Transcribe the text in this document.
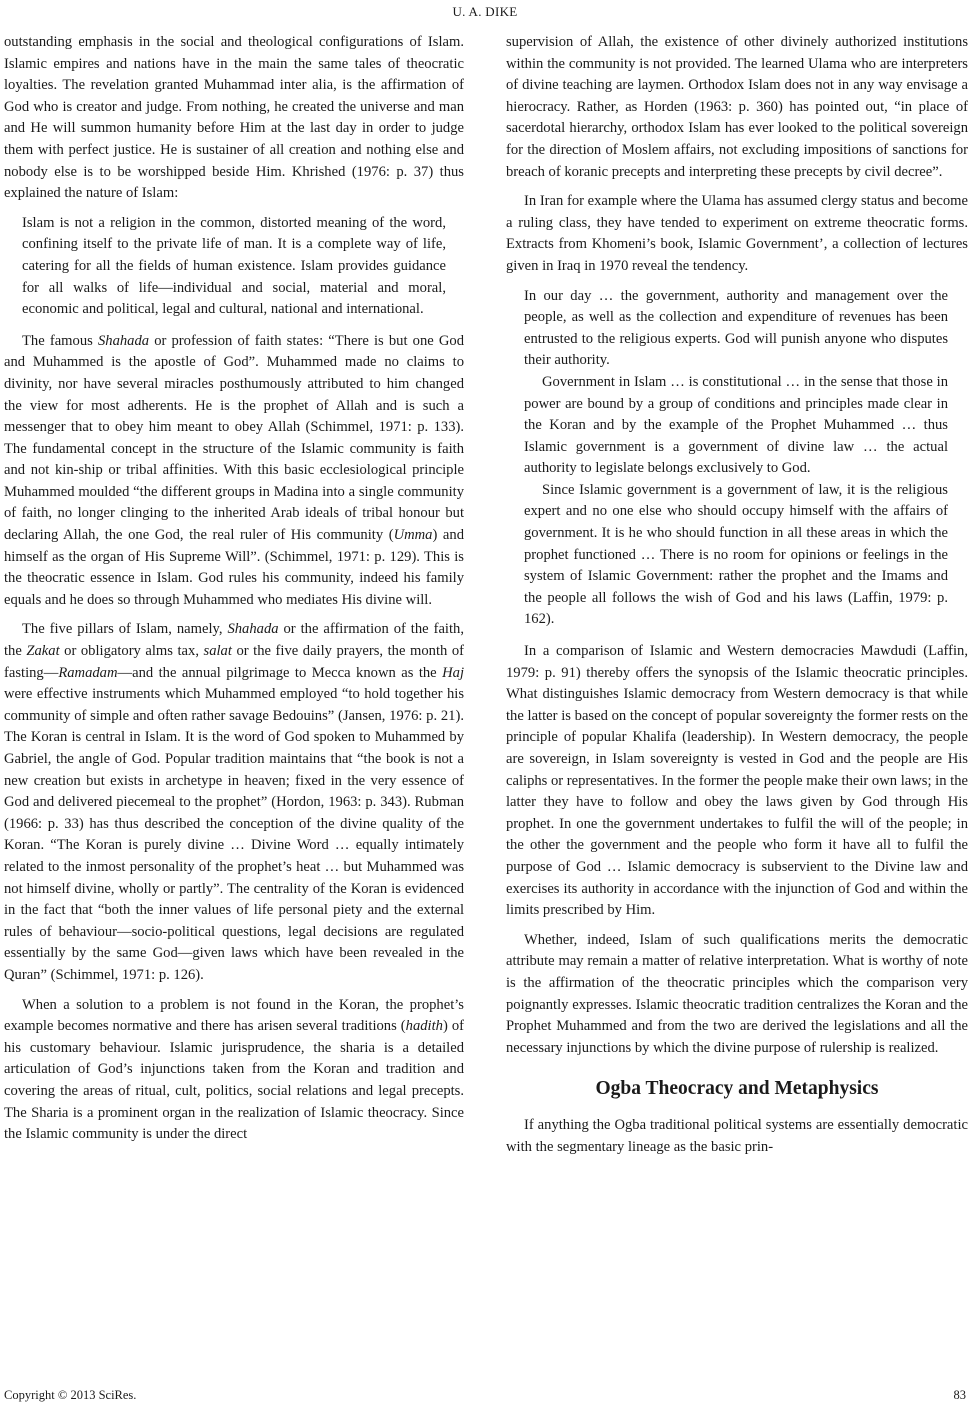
U. A. DIKE

outstanding emphasis in the social and theological configurations of Islam. Islamic empires and nations have in the main the same tales of theocratic loyalties. The revelation granted Muhammad inter alia, is the affirmation of God who is creator and judge. From nothing, he created the universe and man and He will summon humanity before Him at the last day in order to judge them with perfect justice. He is sustainer of all creation and nothing else and nobody else is to be worshipped beside Him. Khrished (1976: p. 37) thus explained the nature of Islam:

Islam is not a religion in the common, distorted meaning of the word, confining itself to the private life of man. It is a complete way of life, catering for all the fields of human existence. Islam provides guidance for all walks of life—individual and social, material and moral, economic and political, legal and cultural, national and international.

The famous Shahada or profession of faith states: “There is but one God and Muhammed is the apostle of God”. Muhammed made no claims to divinity, nor have several miracles posthumously attributed to him changed the view for most adherents. He is the prophet of Allah and is such a messenger that to obey him meant to obey Allah (Schimmel, 1971: p. 133). The fundamental concept in the structure of the Islamic community is faith and not kin-ship or tribal affinities. With this basic ecclesiological principle Muhammed moulded “the different groups in Madina into a single community of faith, no longer clinging to the inherited Arab ideals of tribal honour but declaring Allah, the one God, the real ruler of His community (Umma) and himself as the organ of His Supreme Will”. (Schimmel, 1971: p. 129). This is the theocratic essence in Islam. God rules his community, indeed his family equals and he does so through Muhammed who mediates His divine will.

The five pillars of Islam, namely, Shahada or the affirmation of the faith, the Zakat or obligatory alms tax, salat or the five daily prayers, the month of fasting—Ramadam—and the annual pilgrimage to Mecca known as the Haj were effective instruments which Muhammed employed “to hold together his community of simple and often rather savage Bedouins” (Jansen, 1976: p. 21). The Koran is central in Islam. It is the word of God spoken to Muhammed by Gabriel, the angle of God. Popular tradition maintains that “the book is not a new creation but exists in archetype in heaven; fixed in the very essence of God and delivered piecemeal to the prophet” (Hordon, 1963: p. 343). Rubman (1966: p. 33) has thus described the conception of the divine quality of the Koran. “The Koran is purely divine … Divine Word … equally intimately related to the inmost personality of the prophet’s heat … but Muhammed was not himself divine, wholly or partly”. The centrality of the Koran is evidenced in the fact that “both the inner values of life personal piety and the external rules of behaviour—socio-political questions, legal decisions are regulated essentially by the same God—given laws which have been revealed in the Quran” (Schimmel, 1971: p. 126).

When a solution to a problem is not found in the Koran, the prophet’s example becomes normative and there has arisen several traditions (hadith) of his customary behaviour. Islamic jurisprudence, the sharia is a detailed articulation of God’s injunctions taken from the Koran and tradition and covering the areas of ritual, cult, politics, social relations and legal precepts. The Sharia is a prominent organ in the realization of Islamic theocracy. Since the Islamic community is under the direct

supervision of Allah, the existence of other divinely authorized institutions within the community is not provided. The learned Ulama who are interpreters of divine teaching are laymen. Orthodox Islam does not in any way envisage a hierocracy. Rather, as Horden (1963: p. 360) has pointed out, “in place of sacerdotal hierarchy, orthodox Islam has ever looked to the political sovereign for the direction of Moslem affairs, not excluding impositions of sanctions for breach of koranic precepts and interpreting these precepts by civil decree”.

In Iran for example where the Ulama has assumed clergy status and become a ruling class, they have tended to experiment on extreme theocratic forms. Extracts from Khomeni’s book, Islamic Government’, a collection of lectures given in Iraq in 1970 reveal the tendency.

In our day … the government, authority and management over the people, as well as the collection and expenditure of revenues has been entrusted to the religious experts. God will punish anyone who disputes their authority.

Government in Islam … is constitutional … in the sense that those in power are bound by a group of conditions and principles made clear in the Koran and by the example of the Prophet Muhammed … thus Islamic government is a government of divine law … the actual authority to legislate belongs exclusively to God.

Since Islamic government is a government of law, it is the religious expert and no one else who should occupy himself with the affairs of government. It is he who should function in all these areas in which the prophet functioned … There is no room for opinions or feelings in the system of Islamic Government: rather the prophet and the Imams and the people all follows the wish of God and his laws (Laffin, 1979: p. 162).

In a comparison of Islamic and Western democracies Mawdudi (Laffin, 1979: p. 91) thereby offers the synopsis of the Islamic theocratic principles. What distinguishes Islamic democracy from Western democracy is that while the latter is based on the concept of popular sovereignty the former rests on the principle of popular Khalifa (leadership). In Western democracy, the people are sovereign, in Islam sovereignty is vested in God and the people are His caliphs or representatives. In the former the people make their own laws; in the latter they have to follow and obey the laws given by God through His prophet. In one the government undertakes to fulfil the will of the people; in the other the government and the people who form it have all to fulfil the purpose of God … Islamic democracy is subservient to the Divine law and exercises its authority in accordance with the injunction of God and within the limits prescribed by Him.

Whether, indeed, Islam of such qualifications merits the democratic attribute may remain a matter of relative interpretation. What is worthy of note is the affirmation of the theocratic principles which the comparison very poignantly expresses. Islamic theocratic tradition centralizes the Koran and the Prophet Muhammed and from the two are derived the legislations and all the necessary injunctions by which the divine purpose of rulership is realized.

Ogba Theocracy and Metaphysics

If anything the Ogba traditional political systems are essentially democratic with the segmentary lineage as the basic prin-

Copyright © 2013 SciRes.	83
